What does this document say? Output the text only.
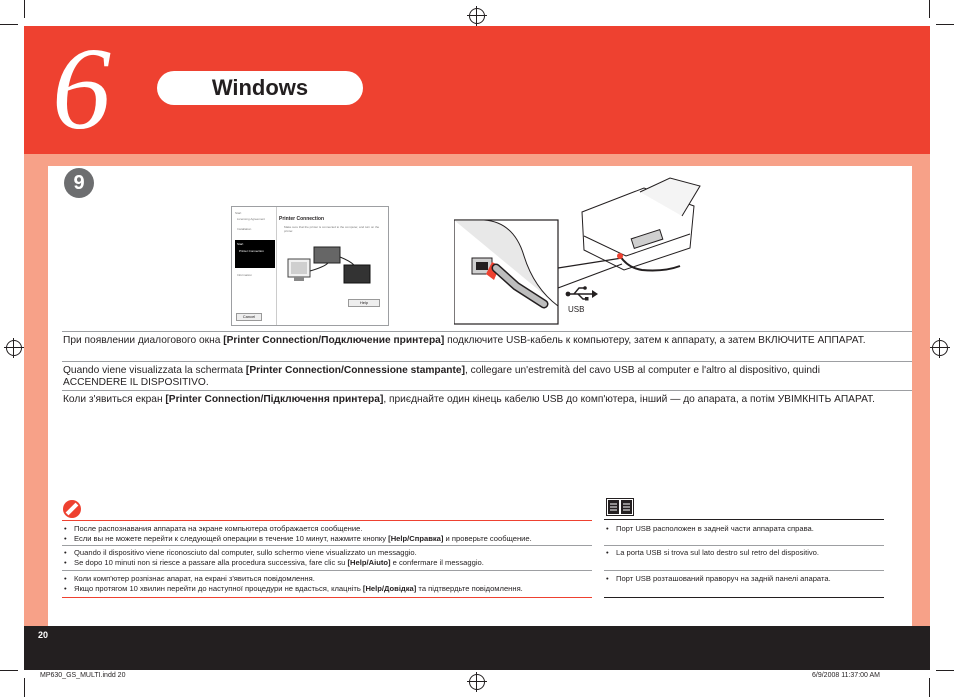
6	Windows
9
Start
Licensing Agreement
Installation
Start
Printer Connection
Information
Printer Connection
Make sure that the printer is connected to the computer, and turn on the printer.
Help
Cancel
USB
При появлении диалогового окна [Printer Connection/Подключение принтера] подключите USB-кабель к компьютеру, затем к аппарату, а затем ВКЛЮЧИТЕ АППАРАТ.
Quando viene visualizzata la schermata [Printer Connection/Connessione stampante], collegare un'estremità del cavo USB al computer e l'altro al dispositivo, quindi ACCENDERE IL DISPOSITIVO.
Коли з'явиться екран [Printer Connection/Підключення принтера], приєднайте один кінець кабелю USB до комп'ютера, інший — до апарата, а потім УВІМКНІТЬ АПАРАТ.
• После распознавания аппарата на экране компьютера отображается сообщение.
• Если вы не можете перейти к следующей операции в течение 10 минут, нажмите кнопку [Help/Справка] и проверьте сообщение.
• Quando il dispositivo viene riconosciuto dal computer, sullo schermo viene visualizzato un messaggio.
• Se dopo 10 minuti non si riesce a passare alla procedura successiva, fare clic su [Help/Aiuto] e confermare il messaggio.
• Коли комп'ютер розпізнає апарат, на екрані з'явиться повідомлення.
• Якщо протягом 10 хвилин перейти до наступної процедури не вдасться, клацніть [Help/Довідка] та підтвердьте повідомлення.
• Порт USB расположен в задней части аппарата справа.
• La porta USB si trova sul lato destro sul retro del dispositivo.
• Порт USB розташований праворуч на задній панелі апарата.
20
MP630_GS_MULTI.indd 20	6/9/2008 11:37:00 AM
